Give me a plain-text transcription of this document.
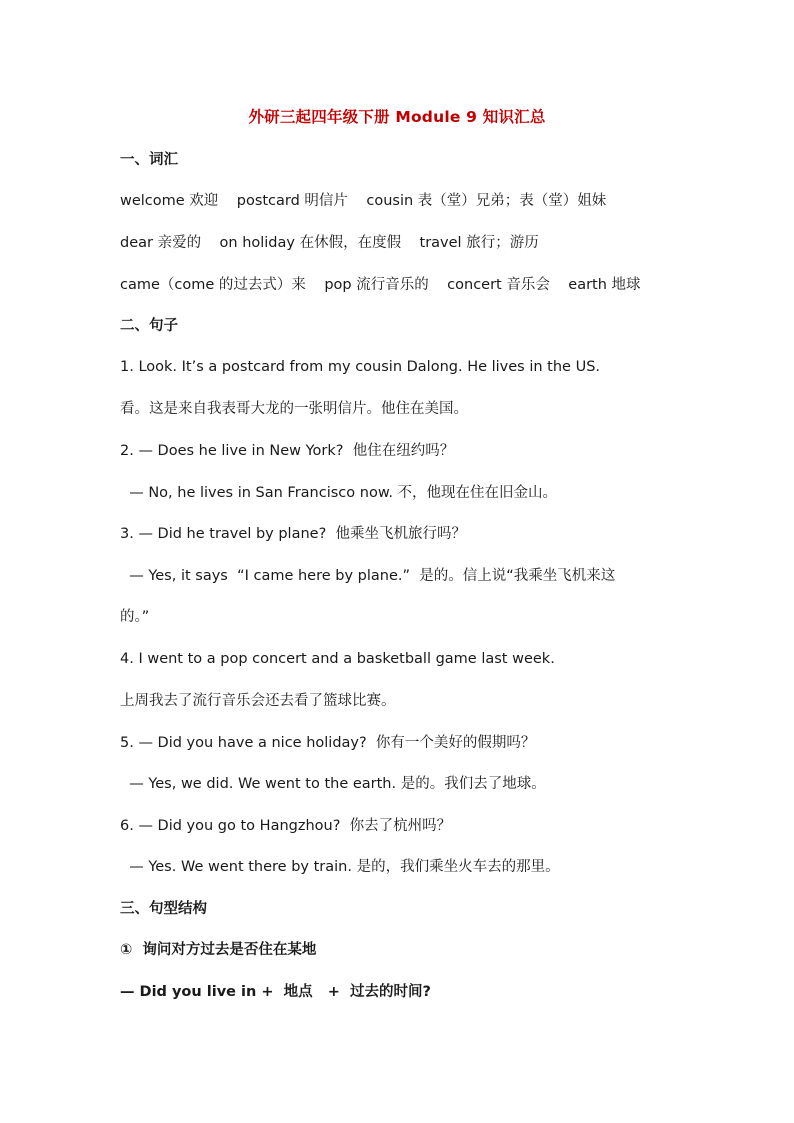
外研三起四年级下册 Module 9 知识汇总
一、词汇
welcome 欢迎    postcard 明信片    cousin 表（堂）兄弟；表（堂）姐妹
dear 亲爱的    on holiday 在休假，在度假    travel 旅行；游历
came（come 的过去式）来    pop 流行音乐的    concert 音乐会    earth 地球
二、句子
1. Look. It’s a postcard from my cousin Dalong. He lives in the US.
看。这是来自我表哥大龙的一张明信片。他住在美国。
2. — Does he live in New York?  他住在纽约吗？
— No, he lives in San Francisco now. 不，他现在住在旧金山。
3. — Did he travel by plane?  他乘坐飞机旅行吗？
— Yes, it says  “I came here by plane.”  是的。信上说“我乘坐飞机来这
的。”
4. I went to a pop concert and a basketball game last week.
上周我去了流行音乐会还去看了篮球比赛。
5. — Did you have a nice holiday?  你有一个美好的假期吗？
— Yes, we did. We went to the earth. 是的。我们去了地球。
6. — Did you go to Hangzhou?  你去了杭州吗？
— Yes. We went there by train. 是的，我们乘坐火车去的那里。
三、句型结构
①  询问对方过去是否住在某地
— Did you live in +  地点   +  过去的时间?
